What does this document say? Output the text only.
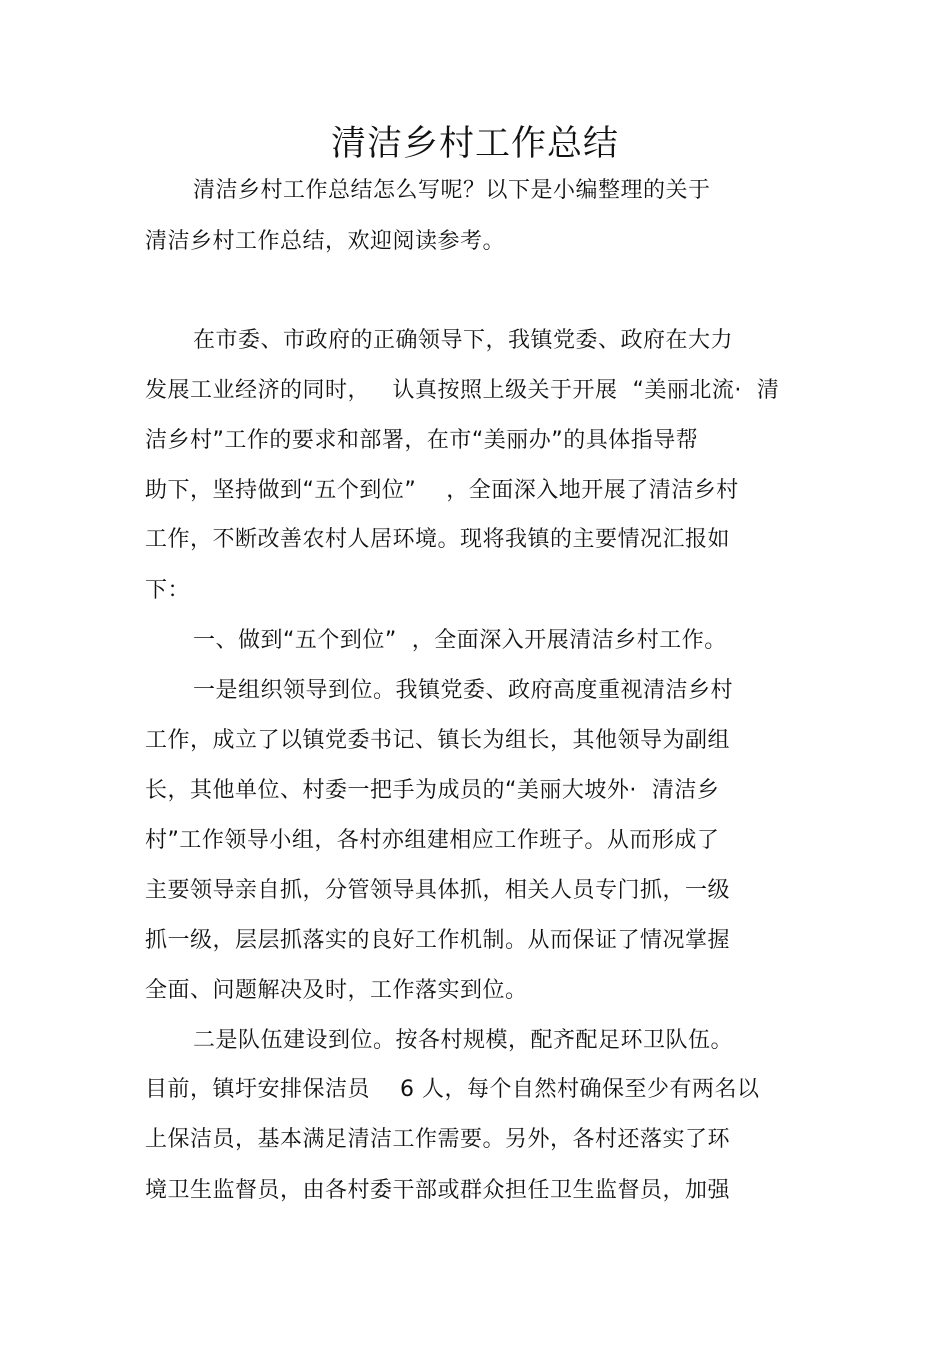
清洁乡村工作总结
清洁乡村工作总结怎么写呢？以下是小编整理的关于
清洁乡村工作总结，欢迎阅读参考。
在市委、市政府的正确领导下，我镇党委、政府在大力
发展工业经济的同时，   认真按照上级关于开展  “美丽北流·  清
洁乡村”工作的要求和部署，在市“美丽办”的具体指导帮
助下，坚持做到“五个到位”    ，全面深入地开展了清洁乡村
工作，不断改善农村人居环境。现将我镇的主要情况汇报如
下：
一、做到“五个到位”  ，全面深入开展清洁乡村工作。
一是组织领导到位。我镇党委、政府高度重视清洁乡村
工作，成立了以镇党委书记、镇长为组长，其他领导为副组
长，其他单位、村委一把手为成员的“美丽大坡外·  清洁乡
村”工作领导小组，各村亦组建相应工作班子。从而形成了
主要领导亲自抓，分管领导具体抓，相关人员专门抓，一级
抓一级，层层抓落实的良好工作机制。从而保证了情况掌握
全面、问题解决及时，工作落实到位。
二是队伍建设到位。按各村规模，配齐配足环卫队伍。
目前，镇圩安排保洁员    6 人，每个自然村确保至少有两名以
上保洁员，基本满足清洁工作需要。另外，各村还落实了环
境卫生监督员，由各村委干部或群众担任卫生监督员，加强
